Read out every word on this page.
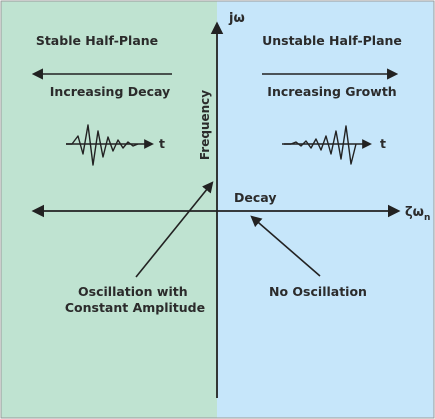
Stable Half-Plane	Unstable Half-Plane
Increasing Decay	Increasing Growth
t	t
jω
Frequency
$\zeta\omega_n$
Decay
Oscillation with Constant Amplitude
No Oscillation
